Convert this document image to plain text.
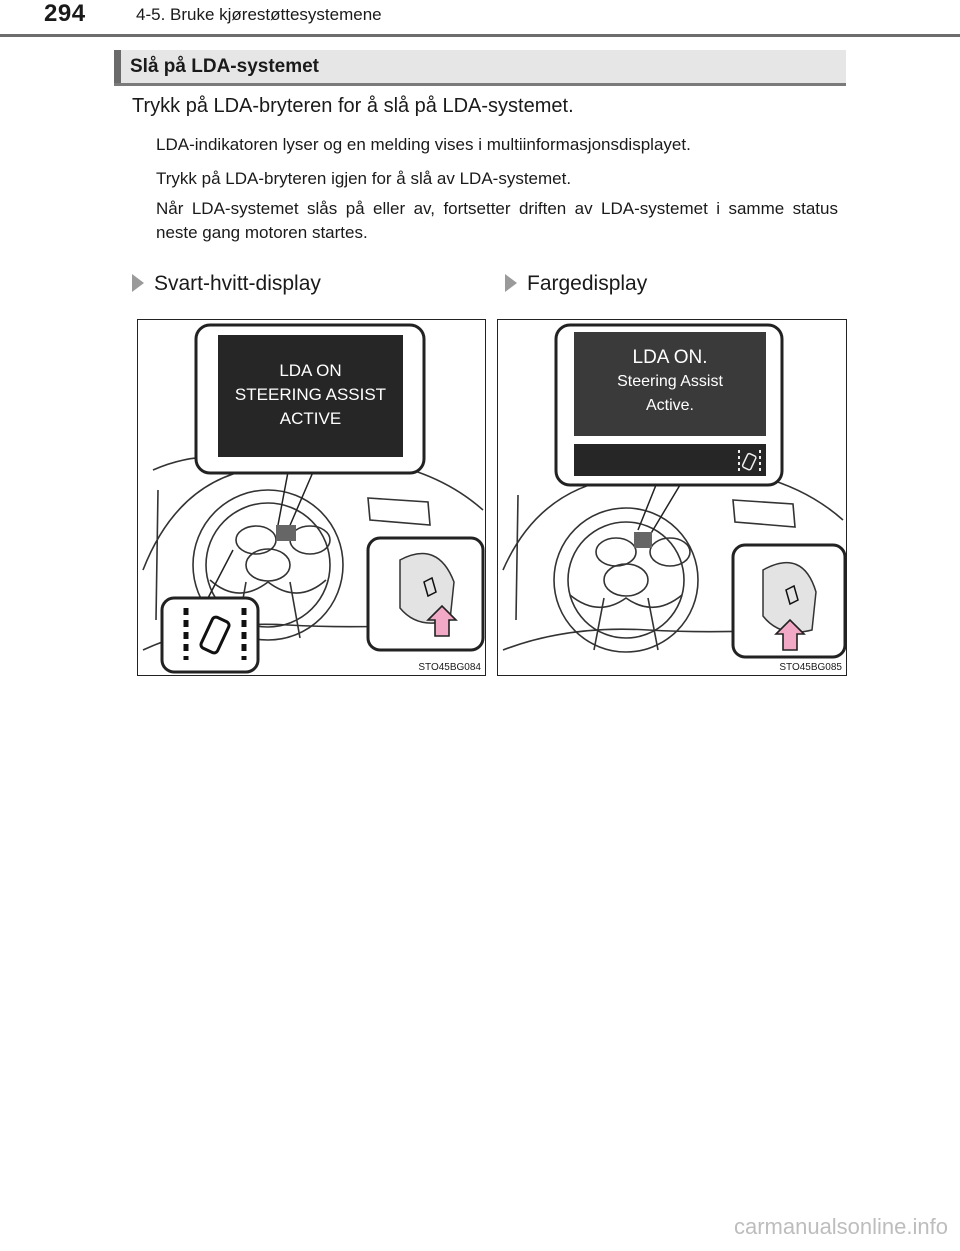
294	4-5. Bruke kjørestøttesystemene
Slå på LDA-systemet
Trykk på LDA-bryteren for å slå på LDA-systemet.
LDA-indikatoren lyser og en melding vises i multiinformasjonsdisplayet.
Trykk på LDA-bryteren igjen for å slå av LDA-systemet.
Når LDA-systemet slås på eller av, fortsetter driften av LDA-systemet i samme status neste gang motoren startes.
Svart-hvitt-display	Fargedisplay
LDA ON
STEERING ASSIST
ACTIVE
STO45BG084
LDA ON.
Steering Assist
Active.
STO45BG085
carmanualsonline.info
